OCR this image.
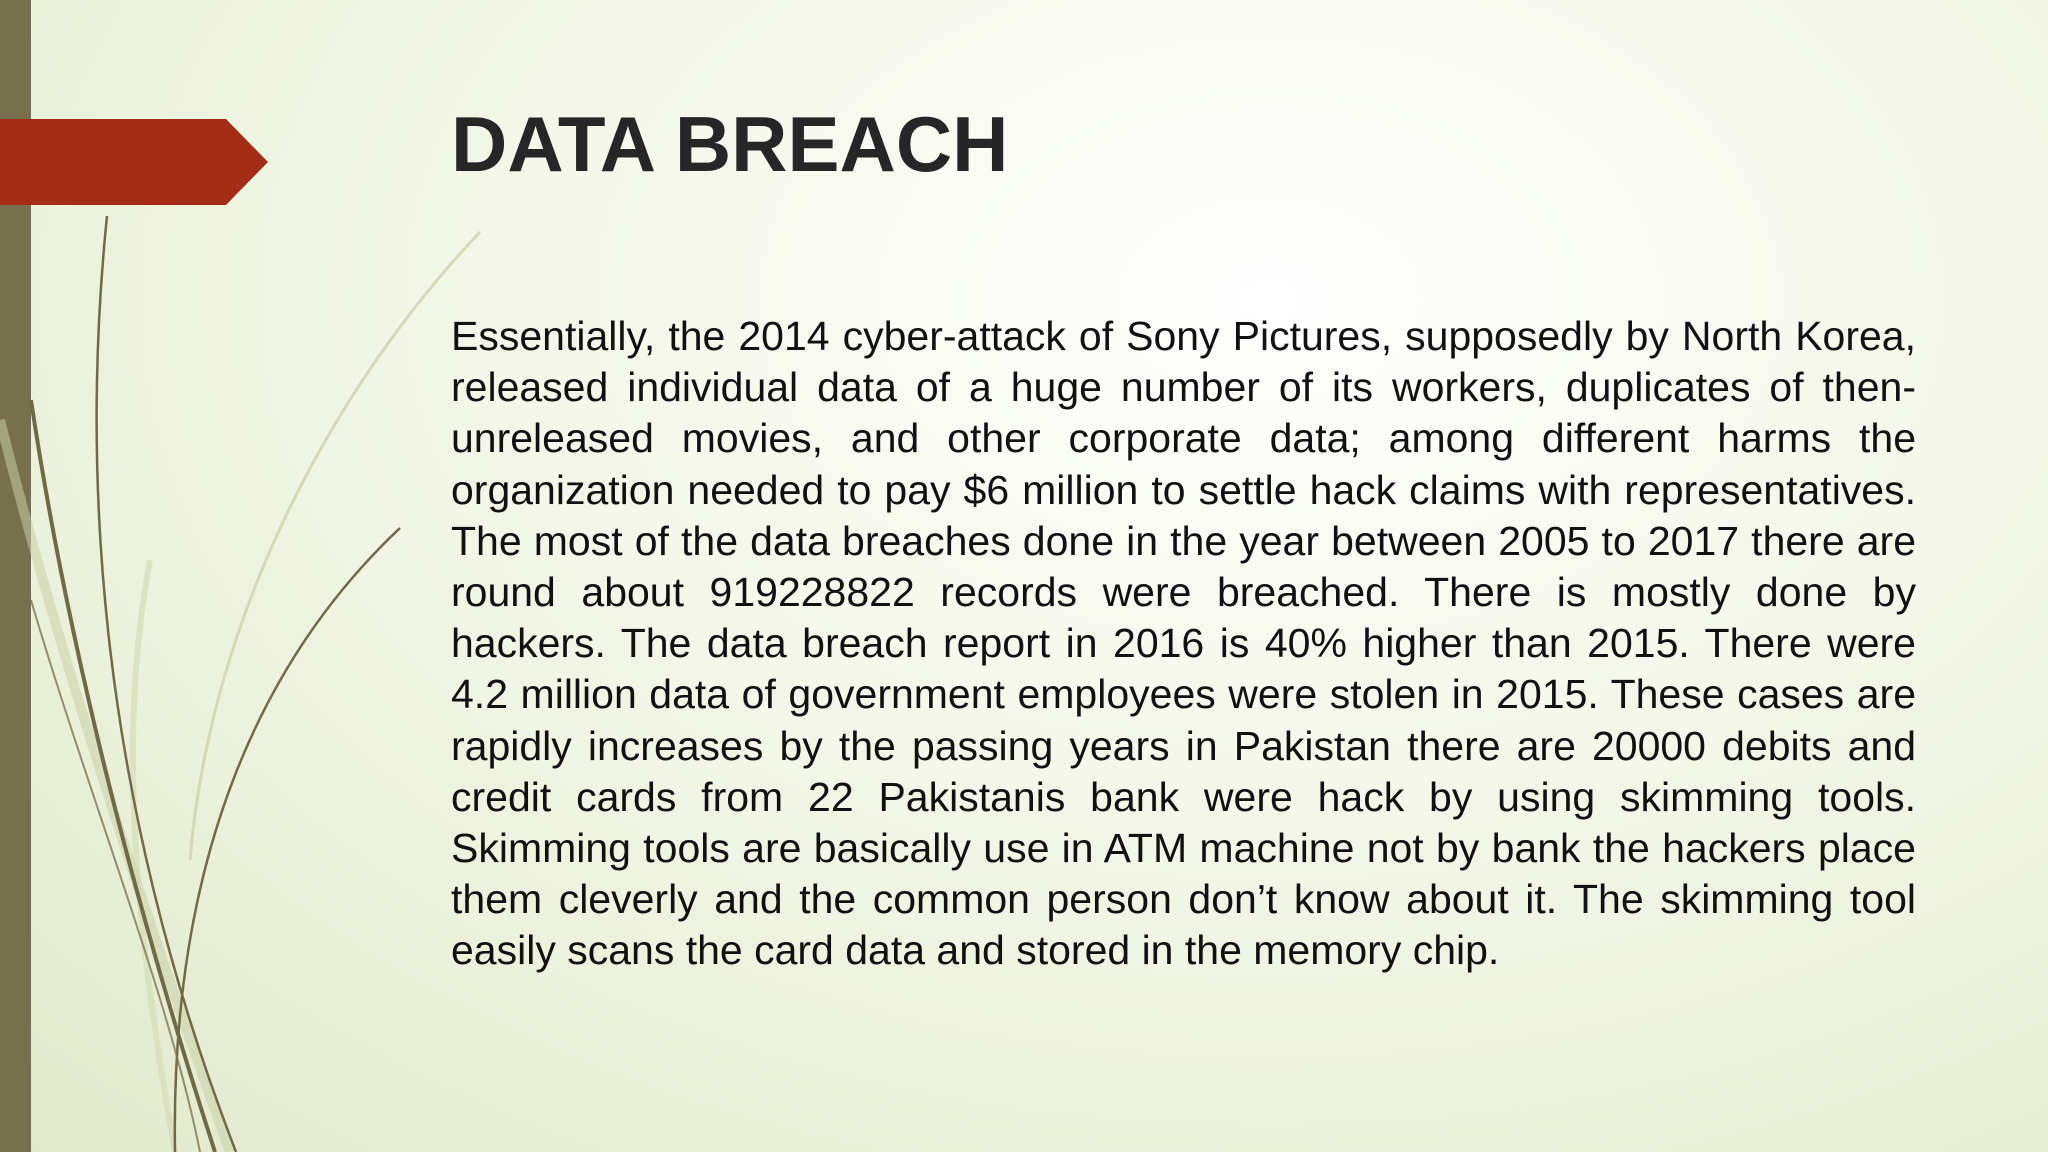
DATA BREACH

Essentially, the 2014 cyber-attack of Sony Pictures, supposedly by North Korea, released individual data of a huge number of its workers, duplicates of then-unreleased movies, and other corporate data; among different harms the organization needed to pay $6 million to settle hack claims with representatives. The most of the data breaches done in the year between 2005 to 2017 there are round about 919228822 records were breached. There is mostly done by hackers. The data breach report in 2016 is 40% higher than 2015. There were 4.2 million data of government employees were stolen in 2015. These cases are rapidly increases by the passing years in Pakistan there are 20000 debits and credit cards from 22 Pakistanis bank were hack by using skimming tools. Skimming tools are basically use in ATM machine not by bank the hackers place them cleverly and the common person don’t know about it. The skimming tool easily scans the card data and stored in the memory chip.
